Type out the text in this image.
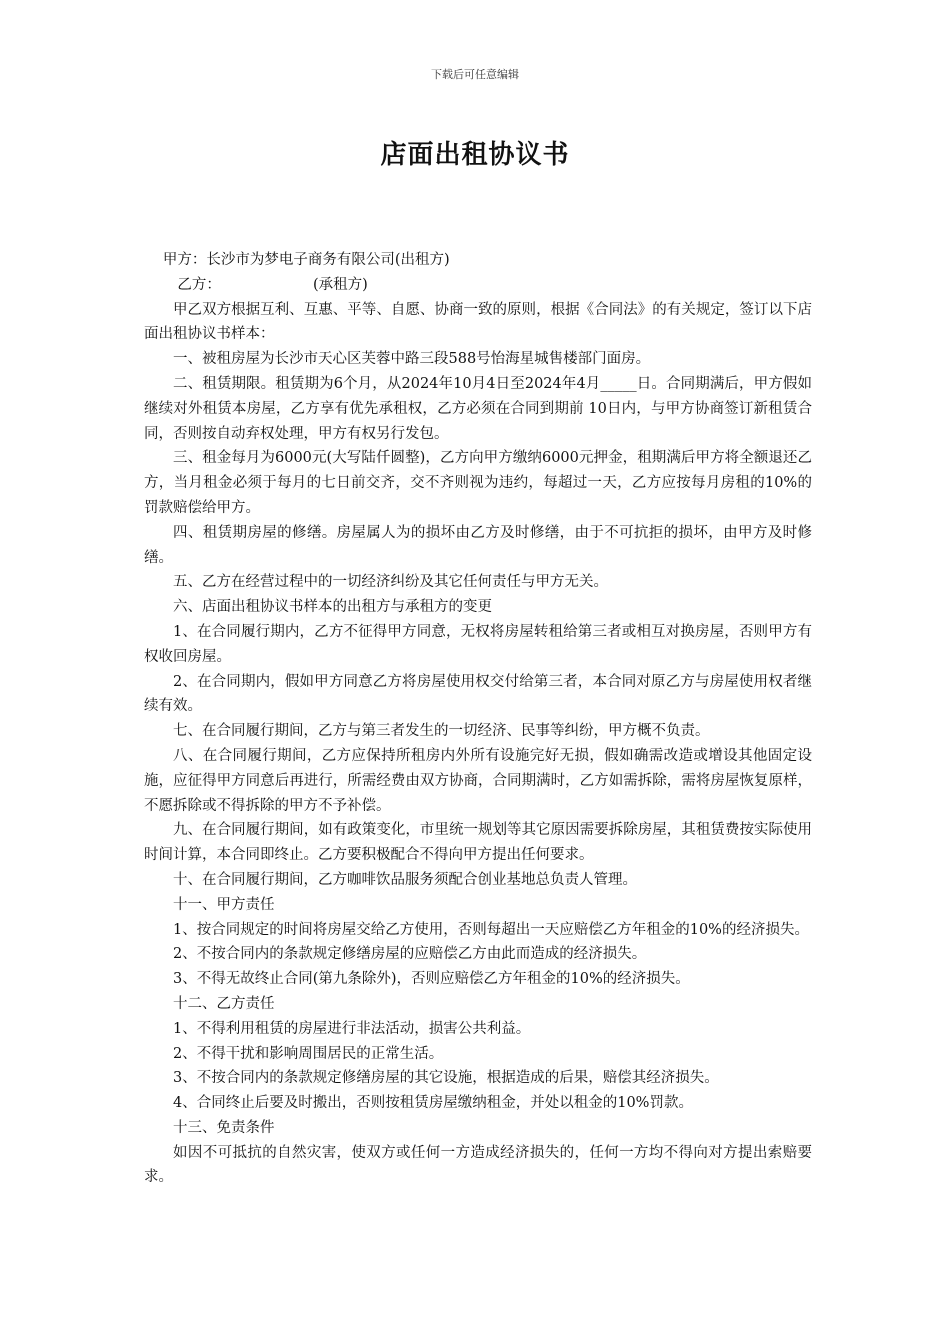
下载后可任意编辑
店面出租协议书
甲方：长沙市为梦电子商务有限公司(出租方)
乙方：                    (承租方)

甲乙双方根据互利、互惠、平等、自愿、协商一致的原则，根据《合同法》的有关规定，签订以下店面出租协议书样本：

一、被租房屋为长沙市天心区芙蓉中路三段588号怡海星城售楼部门面房。

二、租赁期限。租赁期为6个月，从2024年10月4日至2024年4月_____日。合同期满后，甲方假如继续对外租赁本房屋，乙方享有优先承租权，乙方必须在合同到期前 10日内，与甲方协商签订新租赁合同，否则按自动弃权处理，甲方有权另行发包。

三、租金每月为6000元(大写陆仟圆整)，乙方向甲方缴纳6000元押金，租期满后甲方将全额退还乙方，当月租金必须于每月的七日前交齐，交不齐则视为违约，每超过一天，乙方应按每月房租的10%的罚款赔偿给甲方。

四、租赁期房屋的修缮。房屋属人为的损坏由乙方及时修缮，由于不可抗拒的损坏，由甲方及时修缮。

五、乙方在经营过程中的一切经济纠纷及其它任何责任与甲方无关。

六、店面出租协议书样本的出租方与承租方的变更

1、在合同履行期内，乙方不征得甲方同意，无权将房屋转租给第三者或相互对换房屋，否则甲方有权收回房屋。

2、在合同期内，假如甲方同意乙方将房屋使用权交付给第三者，本合同对原乙方与房屋使用权者继续有效。

七、在合同履行期间，乙方与第三者发生的一切经济、民事等纠纷，甲方概不负责。

八、在合同履行期间，乙方应保持所租房内外所有设施完好无损，假如确需改造或增设其他固定设施，应征得甲方同意后再进行，所需经费由双方协商，合同期满时，乙方如需拆除，需将房屋恢复原样，不愿拆除或不得拆除的甲方不予补偿。

九、在合同履行期间，如有政策变化，市里统一规划等其它原因需要拆除房屋，其租赁费按实际使用时间计算，本合同即终止。乙方要积极配合不得向甲方提出任何要求。

十、在合同履行期间，乙方咖啡饮品服务须配合创业基地总负责人管理。

十一、甲方责任

1、按合同规定的时间将房屋交给乙方使用，否则每超出一天应赔偿乙方年租金的10%的经济损失。

2、不按合同内的条款规定修缮房屋的应赔偿乙方由此而造成的经济损失。

3、不得无故终止合同(第九条除外)，否则应赔偿乙方年租金的10%的经济损失。

十二、乙方责任

1、不得利用租赁的房屋进行非法活动，损害公共利益。

2、不得干扰和影响周围居民的正常生活。

3、不按合同内的条款规定修缮房屋的其它设施，根据造成的后果，赔偿其经济损失。

4、合同终止后要及时搬出，否则按租赁房屋缴纳租金，并处以租金的10%罚款。

十三、免责条件

如因不可抵抗的自然灾害，使双方或任何一方造成经济损失的，任何一方均不得向对方提出索赔要求。
